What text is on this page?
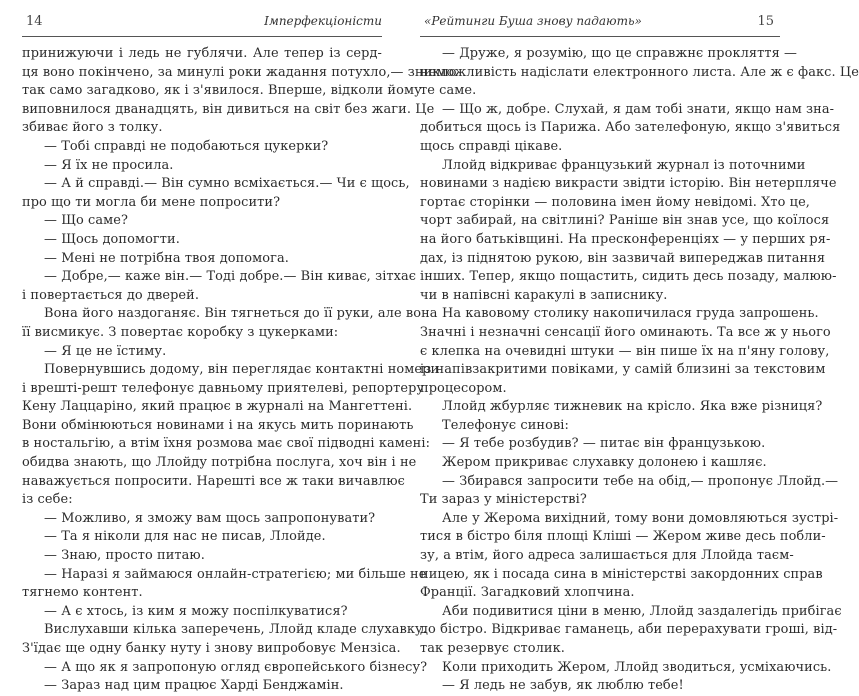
14	Імперфекціоністи
принижуючи і ледь не гублячи. Але тепер із серд-
ця воно покінчено, за минулі роки жадання потухло,— зникло
так само загадково, як і з'явилося. Вперше, відколи йому
виповнилося дванадцять, він дивиться на світ без жаги. Це
збиває його з толку.
— Тобі справді не подобаються цукерки?
— Я їх не просила.
— А й справді.— Він сумно всміхається.— Чи є щось,
про що ти могла би мене попросити?
— Що саме?
— Щось допомогти.
— Мені не потрібна твоя допомога.
— Добре,— каже він.— Тоді добре.— Він киває, зітхає
і повертається до дверей.
Вона його наздоганяє. Він тягнеться до її руки, але вона
її висмикує. З повертає коробку з цукерками:
— Я це не їстиму.
Повернувшись додому, він переглядає контактні номери
і врешті-решт телефонує давньому приятелеві, репортеру
Кену Лаццаріно, який працює в журналі на Мангеттені.
Вони обмінюються новинами і на якусь мить поринають
в ностальгію, а втім їхня розмова має свої підводні камені:
обидва знають, що Ллойду потрібна послуга, хоч він і не
наважується попросити. Нарешті все ж таки вичавлює
із себе:
— Можливо, я зможу вам щось запропонувати?
— Та я ніколи для нас не писав, Ллойде.
— Знаю, просто питаю.
— Наразі я займаюся онлайн-стратегією; ми більше не
тягнемо контент.
— А є хтось, із ким я можу поспілкуватися?
Вислухавши кілька заперечень, Ллойд кладе слухавку.
З'їдає ще одну банку нуту і знову випробовує Мензіса.
— А що як я запропоную огляд європейського бізнесу?
— Зараз над цим працює Харді Бенджамін.
«Рейтинги Буша знову падають»	15
— Друже, я розумію, що це справжнє прокляття —
неможливість надіслати електронного листа. Але ж є факс. Це
те саме.
— Що ж, добре. Слухай, я дам тобі знати, якщо нам зна-
добиться щось із Парижа. Або зателефоную, якщо з'явиться
щось справді цікаве.
Ллойд відкриває французький журнал із поточними
новинами з надією викрасти звідти історію. Він нетерпляче
гортає сторінки — половина імен йому невідомі. Хто це,
чорт забирай, на світлині? Раніше він знав усе, що коїлося
на його батьківщині. На пресконференціях — у перших ря-
дах, із піднятою рукою, він зазвичай випереджав питання
інших. Тепер, якщо пощастить, сидить десь позаду, малюю-
чи в напівсні каракулі в записнику.
На кавовому столику накопичилася груда запрошень.
Значні і незначні сенсації його оминають. Та все ж у нього
є клепка на очевидні штуки — він пише їх на п'яну голову,
із напівзакритими повіками, у самій близині за текстовим
процесором.
Ллойд жбурляє тижневик на крісло. Яка вже різниця?
Телефонує синові:
— Я тебе розбудив? — питає він французькою.
Жером прикриває слухавку долонею і кашляє.
— Збирався запросити тебе на обід,— пропонує Ллойд.—
Ти зараз у міністерстві?
Але у Жерома вихідний, тому вони домовляються зустрі-
тися в бістро біля площі Кліші — Жером живе десь побли-
зу, а втім, його адреса залишається для Ллойда таєм-
ницею, як і посада сина в міністерстві закордонних справ
Франції. Загадковий хлопчина.
Аби подивитися ціни в меню, Ллойд заздалегідь прибігає
до бістро. Відкриває гаманець, аби перерахувати гроші, від-
так резервує столик.
Коли приходить Жером, Ллойд зводиться, усміхаючись.
— Я ледь не забув, як люблю тебе!
